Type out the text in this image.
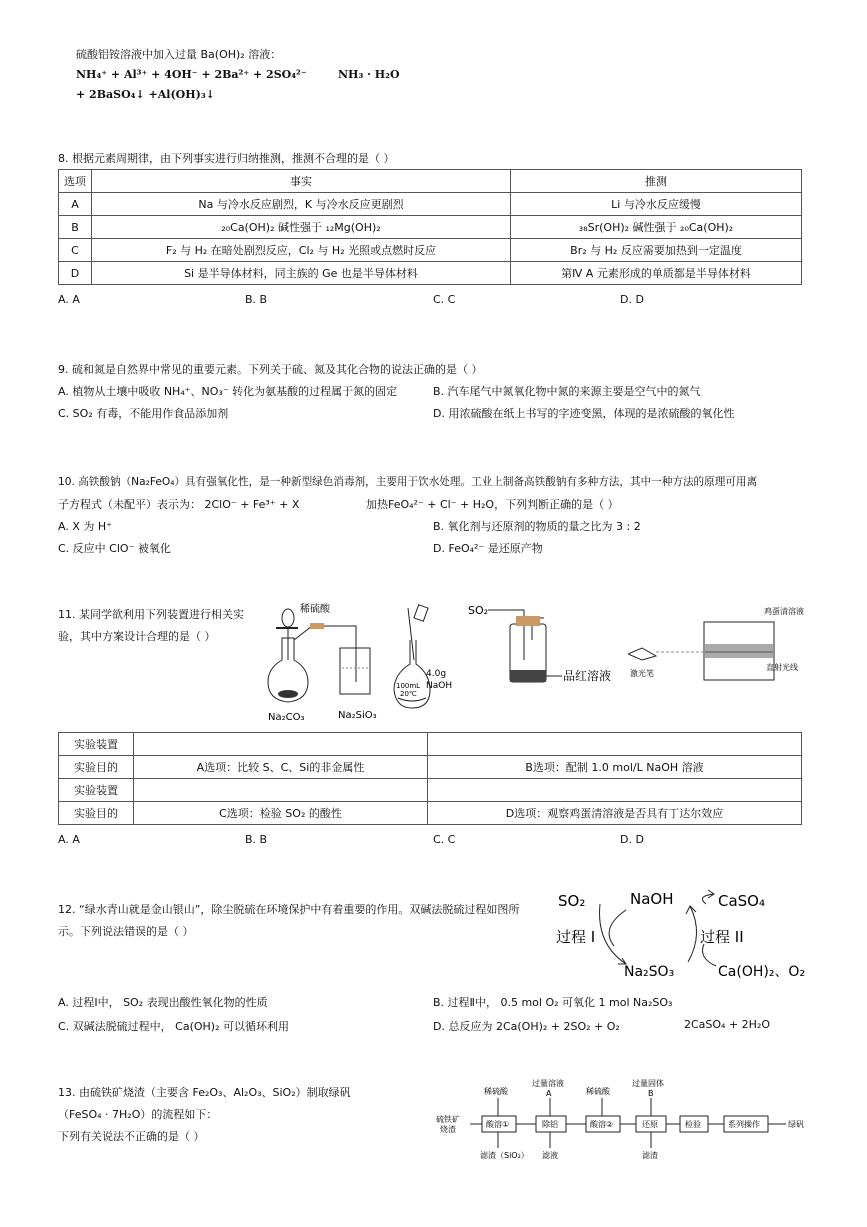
硫酸铝铵溶液中加入过量 Ba(OH)₂ 溶液：
NH₄⁺ + Al³⁺ + 4OH⁻ + 2Ba²⁺ + 2SO₄²⁻	NH₃ · H₂O
+ 2BaSO₄↓ +Al(OH)₃↓
8. 根据元素周期律，由下列事实进行归纳推测，推测不合理的是（ ）
选项	事实	推测
A	Na 与冷水反应剧烈，K 与冷水反应更剧烈	Li 与冷水反应缓慢
B	₂₀Ca(OH)₂ 碱性强于 ₁₂Mg(OH)₂	₃₈Sr(OH)₂ 碱性强于 ₂₀Ca(OH)₂
C	F₂ 与 H₂ 在暗处剧烈反应，Cl₂ 与 H₂ 光照或点燃时反应	Br₂ 与 H₂ 反应需要加热到一定温度
D	Si 是半导体材料，同主族的 Ge 也是半导体材料	第Ⅳ A 元素形成的单质都是半导体材料
A. A	B. B	C. C	D. D
9. 硫和氮是自然界中常见的重要元素。下列关于硫、氮及其化合物的说法正确的是（ ）
A. 植物从土壤中吸收 NH₄⁺、NO₃⁻ 转化为氨基酸的过程属于氮的固定	B. 汽车尾气中氮氧化物中氮的来源主要是空气中的氮气
C. SO₂ 有毒，不能用作食品添加剂	D. 用浓硫酸在纸上书写的字迹变黑，体现的是浓硫酸的氧化性
10. 高铁酸钠（Na₂FeO₄）具有强氧化性，是一种新型绿色消毒剂，主要用于饮水处理。工业上制备高铁酸钠有多种方法，其中一种方法的原理可用离
子方程式（未配平）表示为： 2ClO⁻ + Fe³⁺ + X	加热FeO₄²⁻ + Cl⁻ + H₂O，下列判断正确的是（ ）
A. X 为 H⁺	B. 氧化剂与还原剂的物质的量之比为 3 : 2
C. 反应中 ClO⁻ 被氧化	D. FeO₄²⁻ 是还原产物
11. 某同学欲利用下列装置进行相关实
验，其中方案设计合理的是（ ）
稀硫酸
Na₂CO₃	Na₂SiO₃
4.0g
NaOH
100mL
20℃
SO₂
品红溶液
鸡蛋清溶液
激光笔
直射光线
实验装置		
实验目的	A选项：比较 S、C、Si的非金属性	B选项：配制 1.0 mol/L NaOH 溶液
实验装置		
实验目的	C选项：检验 SO₂ 的酸性	D选项：观察鸡蛋清溶液是否具有丁达尔效应
A. A	B. B	C. C	D. D
12. “绿水青山就是金山银山”，除尘脱硫在环境保护中有着重要的作用。双碱法脱硫过程如图所
示。下列说法错误的是（ ）
SO₂	NaOH	CaSO₄
过程 I	过程 II
Na₂SO₃	Ca(OH)₂、O₂
A. 过程Ⅰ中， SO₂ 表现出酸性氧化物的性质	B. 过程Ⅱ中， 0.5 mol O₂ 可氧化 1 mol Na₂SO₃
C. 双碱法脱硫过程中， Ca(OH)₂ 可以循环利用	D. 总反应为 2Ca(OH)₂ + 2SO₂ + O₂	2CaSO₄ + 2H₂O
13. 由硫铁矿烧渣（主要含 Fe₂O₃、Al₂O₃、SiO₂）制取绿矾
（FeSO₄ · 7H₂O）的流程如下：
下列有关说法不正确的是（ ）
硫铁矿
烧渣
酸溶①
稀硫酸
除铝
过量溶液
A
酸溶②
稀硫酸
还原
过量固体
B
检验	系列操作	绿矾
滤渣（SiO₂） 滤液	滤渣
